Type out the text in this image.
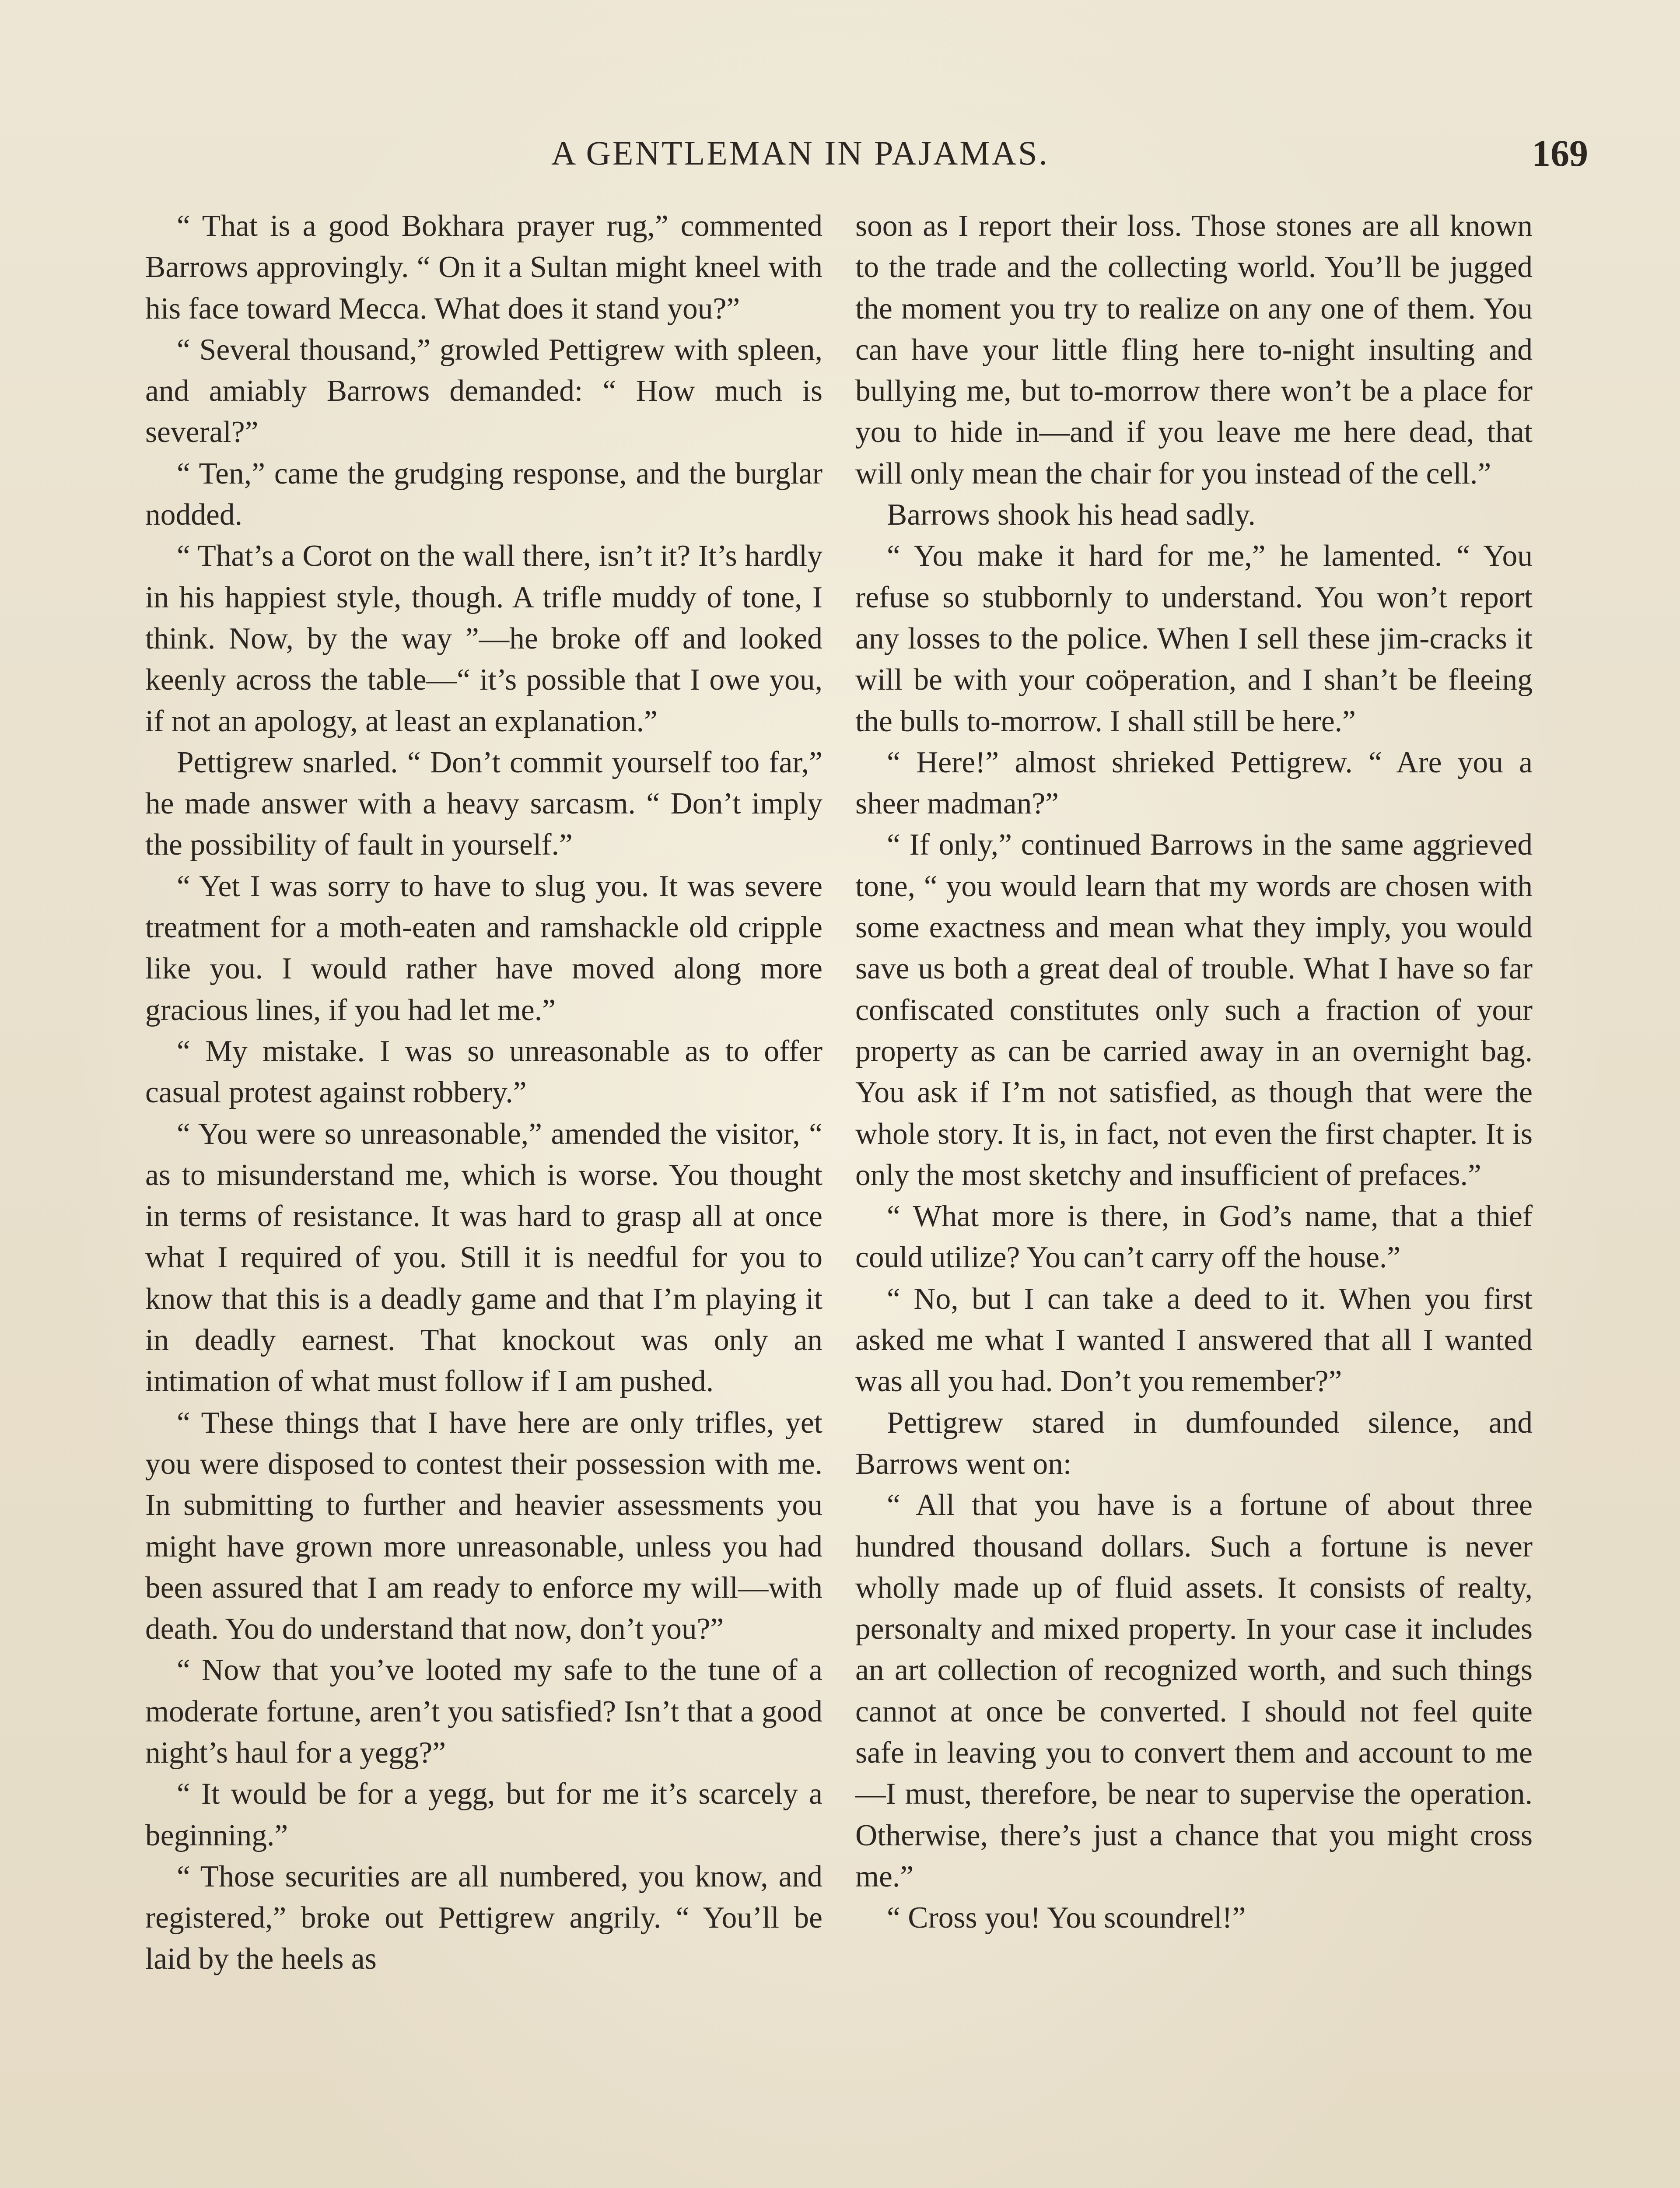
A GENTLEMAN IN PAJAMAS.	169

“ That is a good Bokhara prayer rug,” commented Barrows approvingly. “ On it a Sultan might kneel with his face toward Mecca. What does it stand you?”

“ Several thousand,” growled Pettigrew with spleen, and amiably Barrows demanded: “ How much is several?”

“ Ten,” came the grudging response, and the burglar nodded.

“ That’s a Corot on the wall there, isn’t it? It’s hardly in his happiest style, though. A trifle muddy of tone, I think. Now, by the way ”—he broke off and looked keenly across the table—“ it’s possible that I owe you, if not an apology, at least an explanation.”

Pettigrew snarled. “ Don’t commit yourself too far,” he made answer with a heavy sarcasm. “ Don’t imply the possibility of fault in yourself.”

“ Yet I was sorry to have to slug you. It was severe treatment for a moth-eaten and ramshackle old cripple like you. I would rather have moved along more gracious lines, if you had let me.”

“ My mistake. I was so unreasonable as to offer casual protest against robbery.”

“ You were so unreasonable,” amended the visitor, “ as to misunderstand me, which is worse. You thought in terms of resistance. It was hard to grasp all at once what I required of you. Still it is needful for you to know that this is a deadly game and that I’m playing it in deadly earnest. That knockout was only an intimation of what must follow if I am pushed.

“ These things that I have here are only trifles, yet you were disposed to contest their possession with me. In submitting to further and heavier assessments you might have grown more unreasonable, unless you had been assured that I am ready to enforce my will—with death. You do understand that now, don’t you?”

“ Now that you’ve looted my safe to the tune of a moderate fortune, aren’t you satisfied? Isn’t that a good night’s haul for a yegg?”

“ It would be for a yegg, but for me it’s scarcely a beginning.”

“ Those securities are all numbered, you know, and registered,” broke out Pettigrew angrily. “ You’ll be laid by the heels as

soon as I report their loss. Those stones are all known to the trade and the collecting world. You’ll be jugged the moment you try to realize on any one of them. You can have your little fling here to-night insulting and bullying me, but to-morrow there won’t be a place for you to hide in—and if you leave me here dead, that will only mean the chair for you instead of the cell.”

Barrows shook his head sadly.

“ You make it hard for me,” he lamented. “ You refuse so stubbornly to understand. You won’t report any losses to the police. When I sell these jim-cracks it will be with your coöperation, and I shan’t be fleeing the bulls to-morrow. I shall still be here.”

“ Here!” almost shrieked Pettigrew. “ Are you a sheer madman?”

“ If only,” continued Barrows in the same aggrieved tone, “ you would learn that my words are chosen with some exactness and mean what they imply, you would save us both a great deal of trouble. What I have so far confiscated constitutes only such a fraction of your property as can be carried away in an overnight bag. You ask if I’m not satisfied, as though that were the whole story. It is, in fact, not even the first chapter. It is only the most sketchy and insufficient of prefaces.”

“ What more is there, in God’s name, that a thief could utilize? You can’t carry off the house.”

“ No, but I can take a deed to it. When you first asked me what I wanted I answered that all I wanted was all you had. Don’t you remember?”

Pettigrew stared in dumfounded silence, and Barrows went on:

“ All that you have is a fortune of about three hundred thousand dollars. Such a fortune is never wholly made up of fluid assets. It consists of realty, personalty and mixed property. In your case it includes an art collection of recognized worth, and such things cannot at once be converted. I should not feel quite safe in leaving you to convert them and account to me—I must, therefore, be near to supervise the operation. Otherwise, there’s just a chance that you might cross me.”

“ Cross you! You scoundrel!”
